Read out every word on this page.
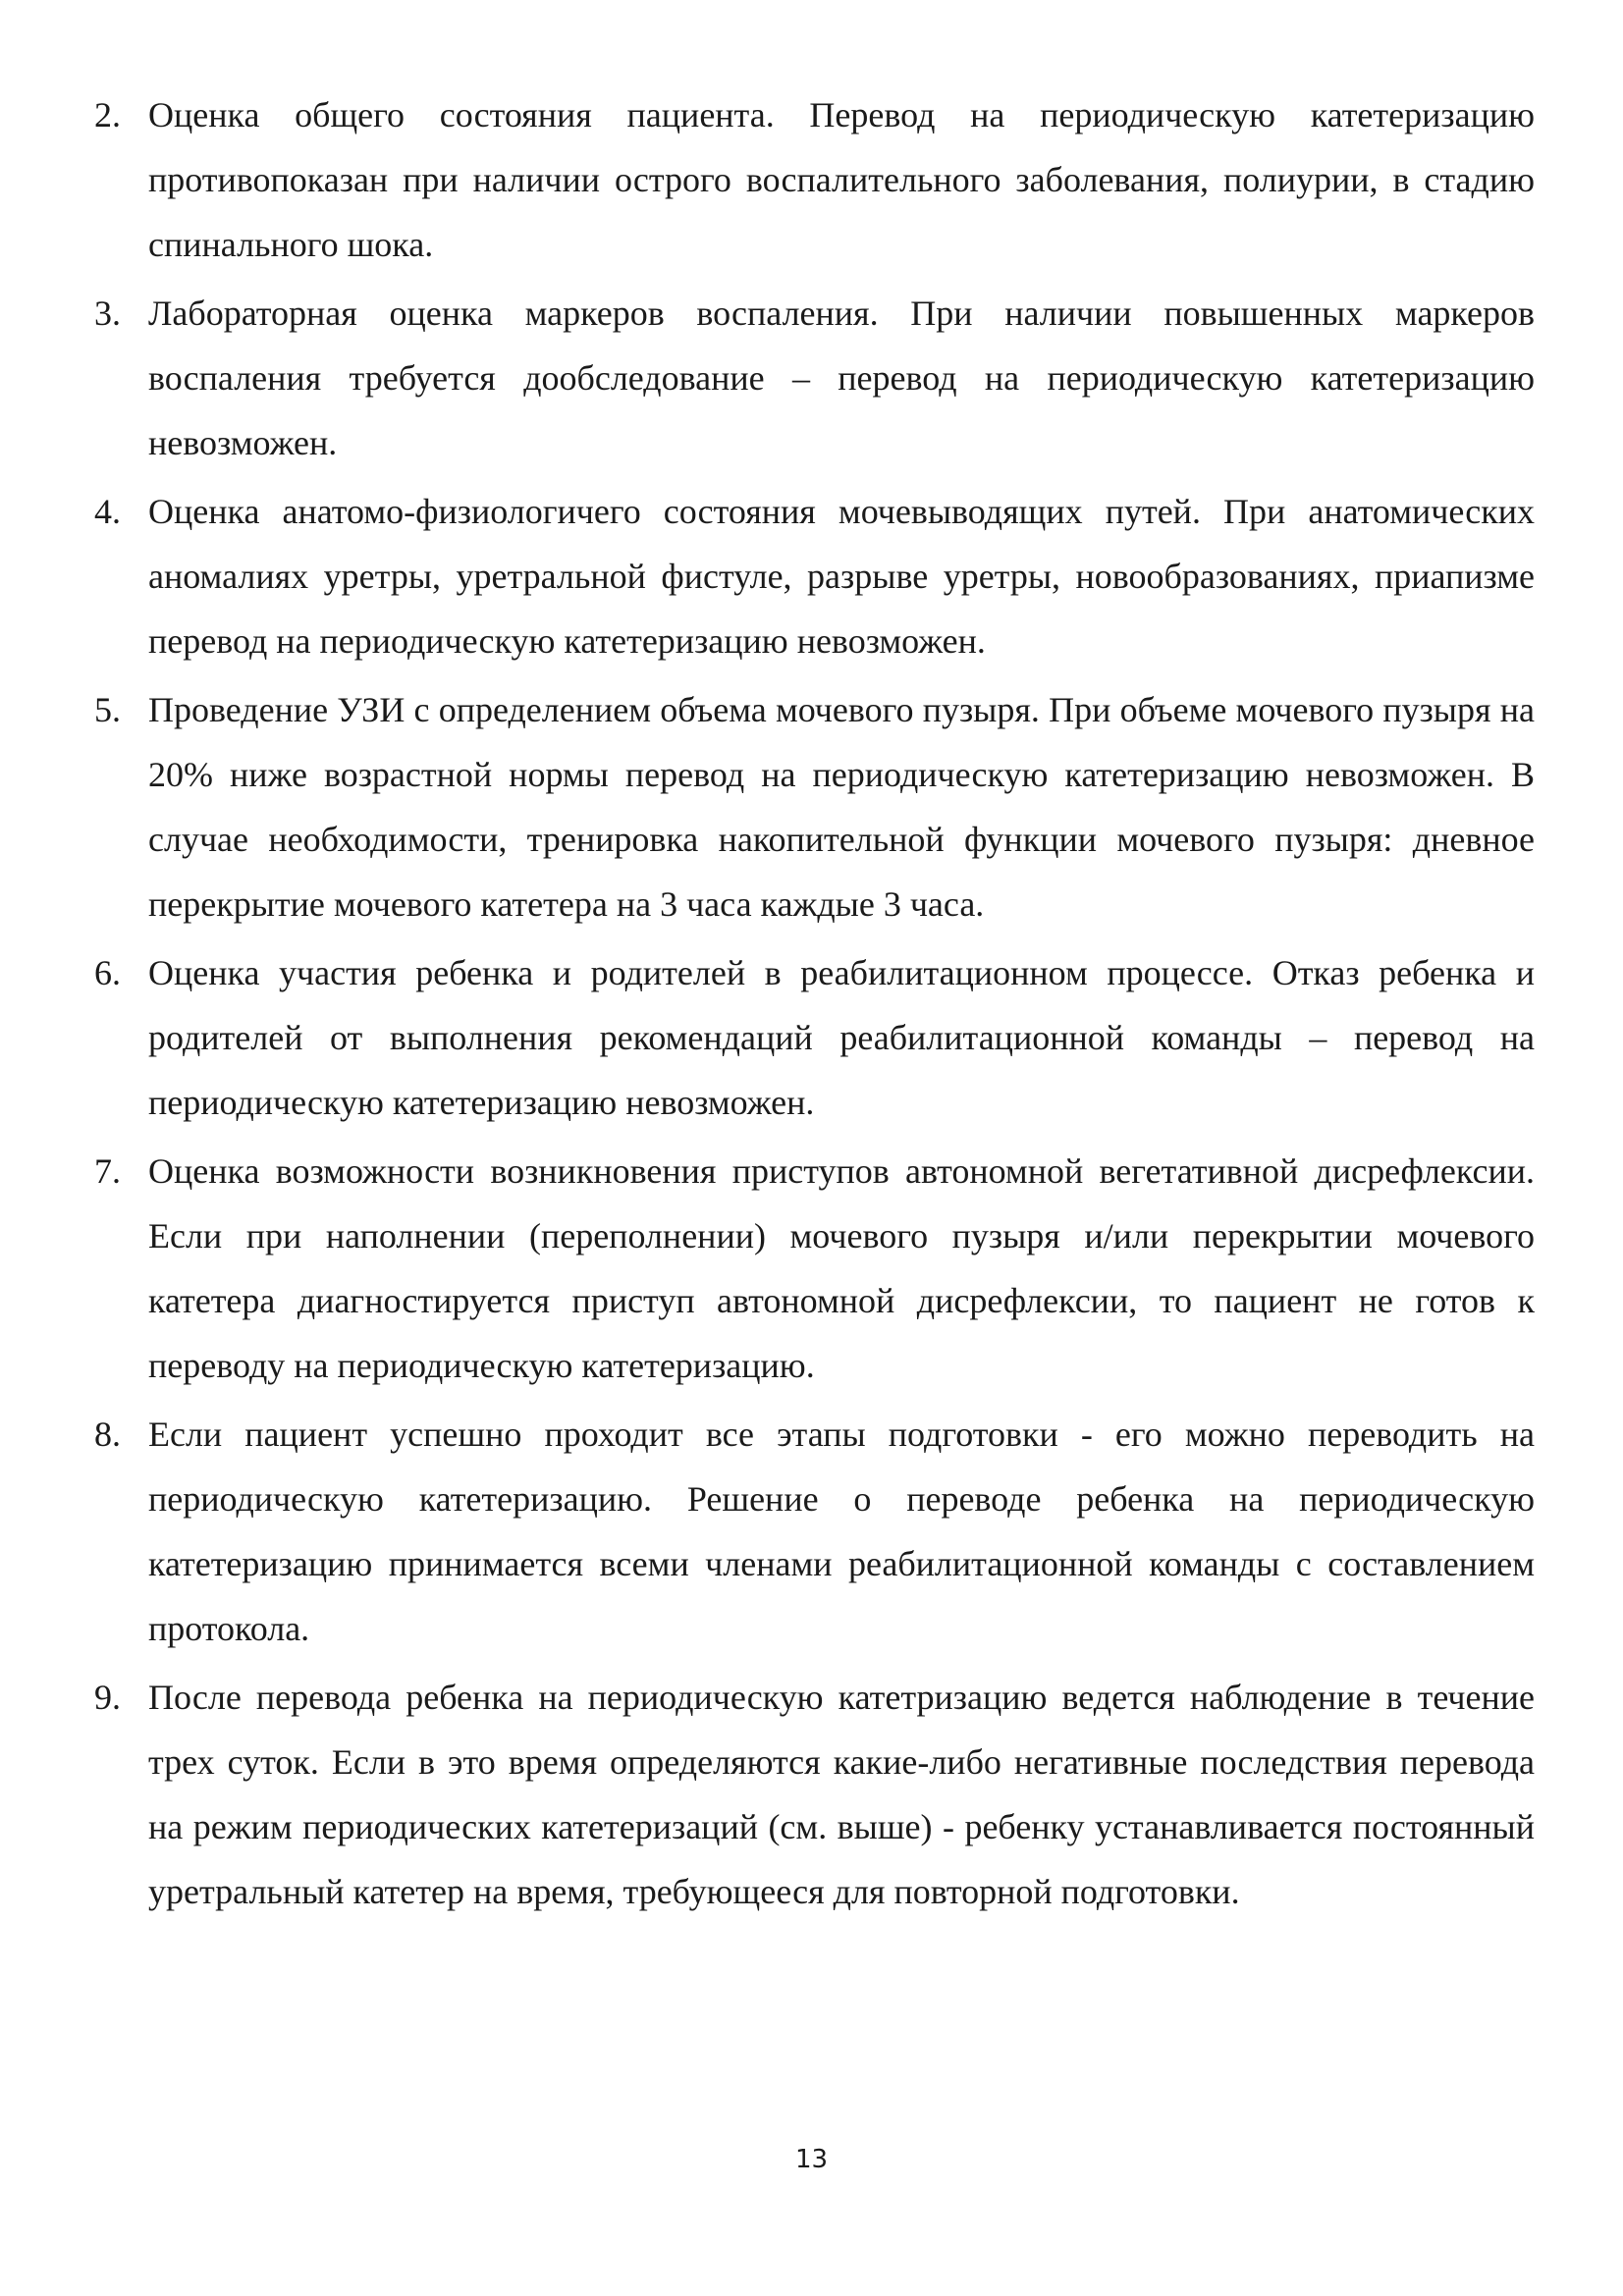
2. Оценка общего состояния пациента. Перевод на периодическую катетеризацию противопоказан при наличии острого воспалительного заболевания, полиурии, в стадию спинального шока.
3. Лабораторная оценка маркеров воспаления. При наличии повышенных маркеров воспаления требуется дообследование – перевод на периодическую катетеризацию невозможен.
4. Оценка анатомо-физиологичего состояния мочевыводящих путей. При анатомических аномалиях уретры, уретральной фистуле, разрыве уретры, новообразованиях, приапизме перевод на периодическую катетеризацию невозможен.
5. Проведение УЗИ с определением объема мочевого пузыря. При объеме мочевого пузыря на 20% ниже возрастной нормы перевод на периодическую катетеризацию невозможен. В случае необходимости, тренировка накопительной функции мочевого пузыря: дневное перекрытие мочевого катетера на 3 часа каждые 3 часа.
6. Оценка участия ребенка и родителей в реабилитационном процессе. Отказ ребенка и родителей от выполнения рекомендаций реабилитационной команды – перевод на периодическую катетеризацию невозможен.
7. Оценка возможности возникновения приступов автономной вегетативной дисрефлексии. Если при наполнении (переполнении) мочевого пузыря и/или перекрытии мочевого катетера диагностируется приступ автономной дисрефлексии, то пациент не готов к переводу на периодическую катетеризацию.
8. Если пациент успешно проходит все этапы подготовки - его можно переводить на периодическую катетеризацию. Решение о переводе ребенка на периодическую катетеризацию принимается всеми членами реабилитационной команды с составлением протокола.
9. После перевода ребенка на периодическую катетризацию ведется наблюдение в течение трех суток. Если в это время определяются какие-либо негативные последствия перевода на режим периодических катетеризаций (см. выше) - ребенку устанавливается постоянный уретральный катетер на время, требующееся для повторной подготовки.
13
